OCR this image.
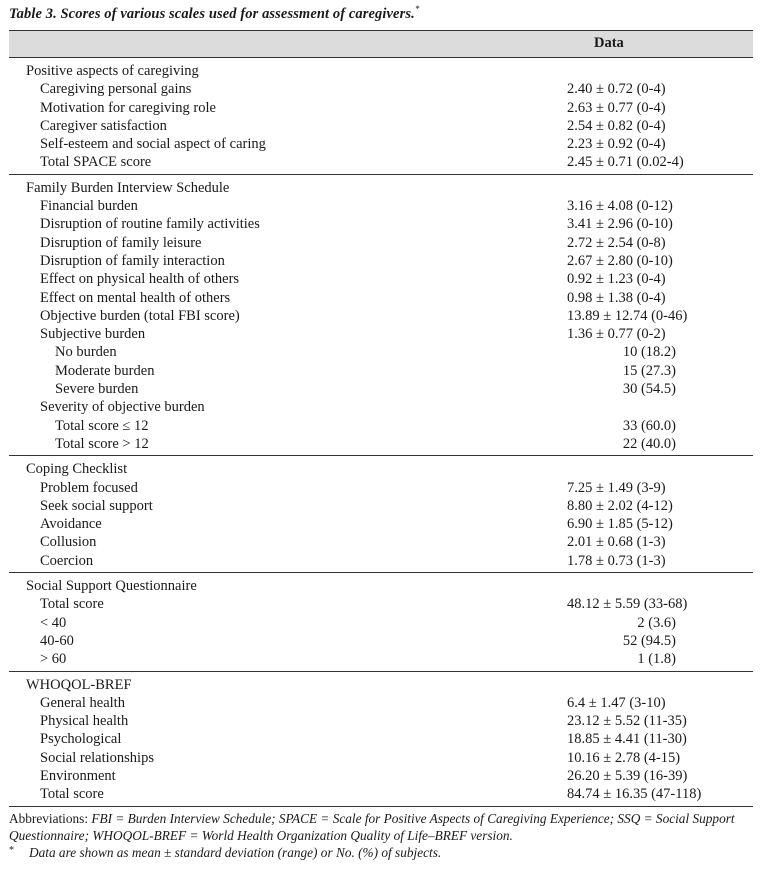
Table 3. Scores of various scales used for assessment of caregivers.*
Data
Positive aspects of caregiving
Caregiving personal gains	2.40 ± 0.72 (0-4)
Motivation for caregiving role	2.63 ± 0.77 (0-4)
Caregiver satisfaction	2.54 ± 0.82 (0-4)
Self-esteem and social aspect of caring	2.23 ± 0.92 (0-4)
Total SPACE score	2.45 ± 0.71 (0.02-4)
Family Burden Interview Schedule
Financial burden	3.16 ± 4.08 (0-12)
Disruption of routine family activities	3.41 ± 2.96 (0-10)
Disruption of family leisure	2.72 ± 2.54 (0-8)
Disruption of family interaction	2.67 ± 2.80 (0-10)
Effect on physical health of others	0.92 ± 1.23 (0-4)
Effect on mental health of others	0.98 ± 1.38 (0-4)
Objective burden (total FBI score)	13.89 ± 12.74 (0-46)
Subjective burden	1.36 ± 0.77 (0-2)
No burden	10 (18.2)
Moderate burden	15 (27.3)
Severe burden	30 (54.5)
Severity of objective burden
Total score ≤ 12	33 (60.0)
Total score > 12	22 (40.0)
Coping Checklist
Problem focused	7.25 ± 1.49 (3-9)
Seek social support	8.80 ± 2.02 (4-12)
Avoidance	6.90 ± 1.85 (5-12)
Collusion	2.01 ± 0.68 (1-3)
Coercion	1.78 ± 0.73 (1-3)
Social Support Questionnaire
Total score	48.12 ± 5.59 (33-68)
< 40	2 (3.6)
40-60	52 (94.5)
> 60	1 (1.8)
WHOQOL-BREF
General health	6.4 ± 1.47 (3-10)
Physical health	23.12 ± 5.52 (11-35)
Psychological	18.85 ± 4.41 (11-30)
Social relationships	10.16 ± 2.78 (4-15)
Environment	26.20 ± 5.39 (16-39)
Total score	84.74 ± 16.35 (47-118)
Abbreviations: FBI = Burden Interview Schedule; SPACE = Scale for Positive Aspects of Caregiving Experience; SSQ = Social Support Questionnaire; WHOQOL-BREF = World Health Organization Quality of Life–BREF version.
* Data are shown as mean ± standard deviation (range) or No. (%) of subjects.
